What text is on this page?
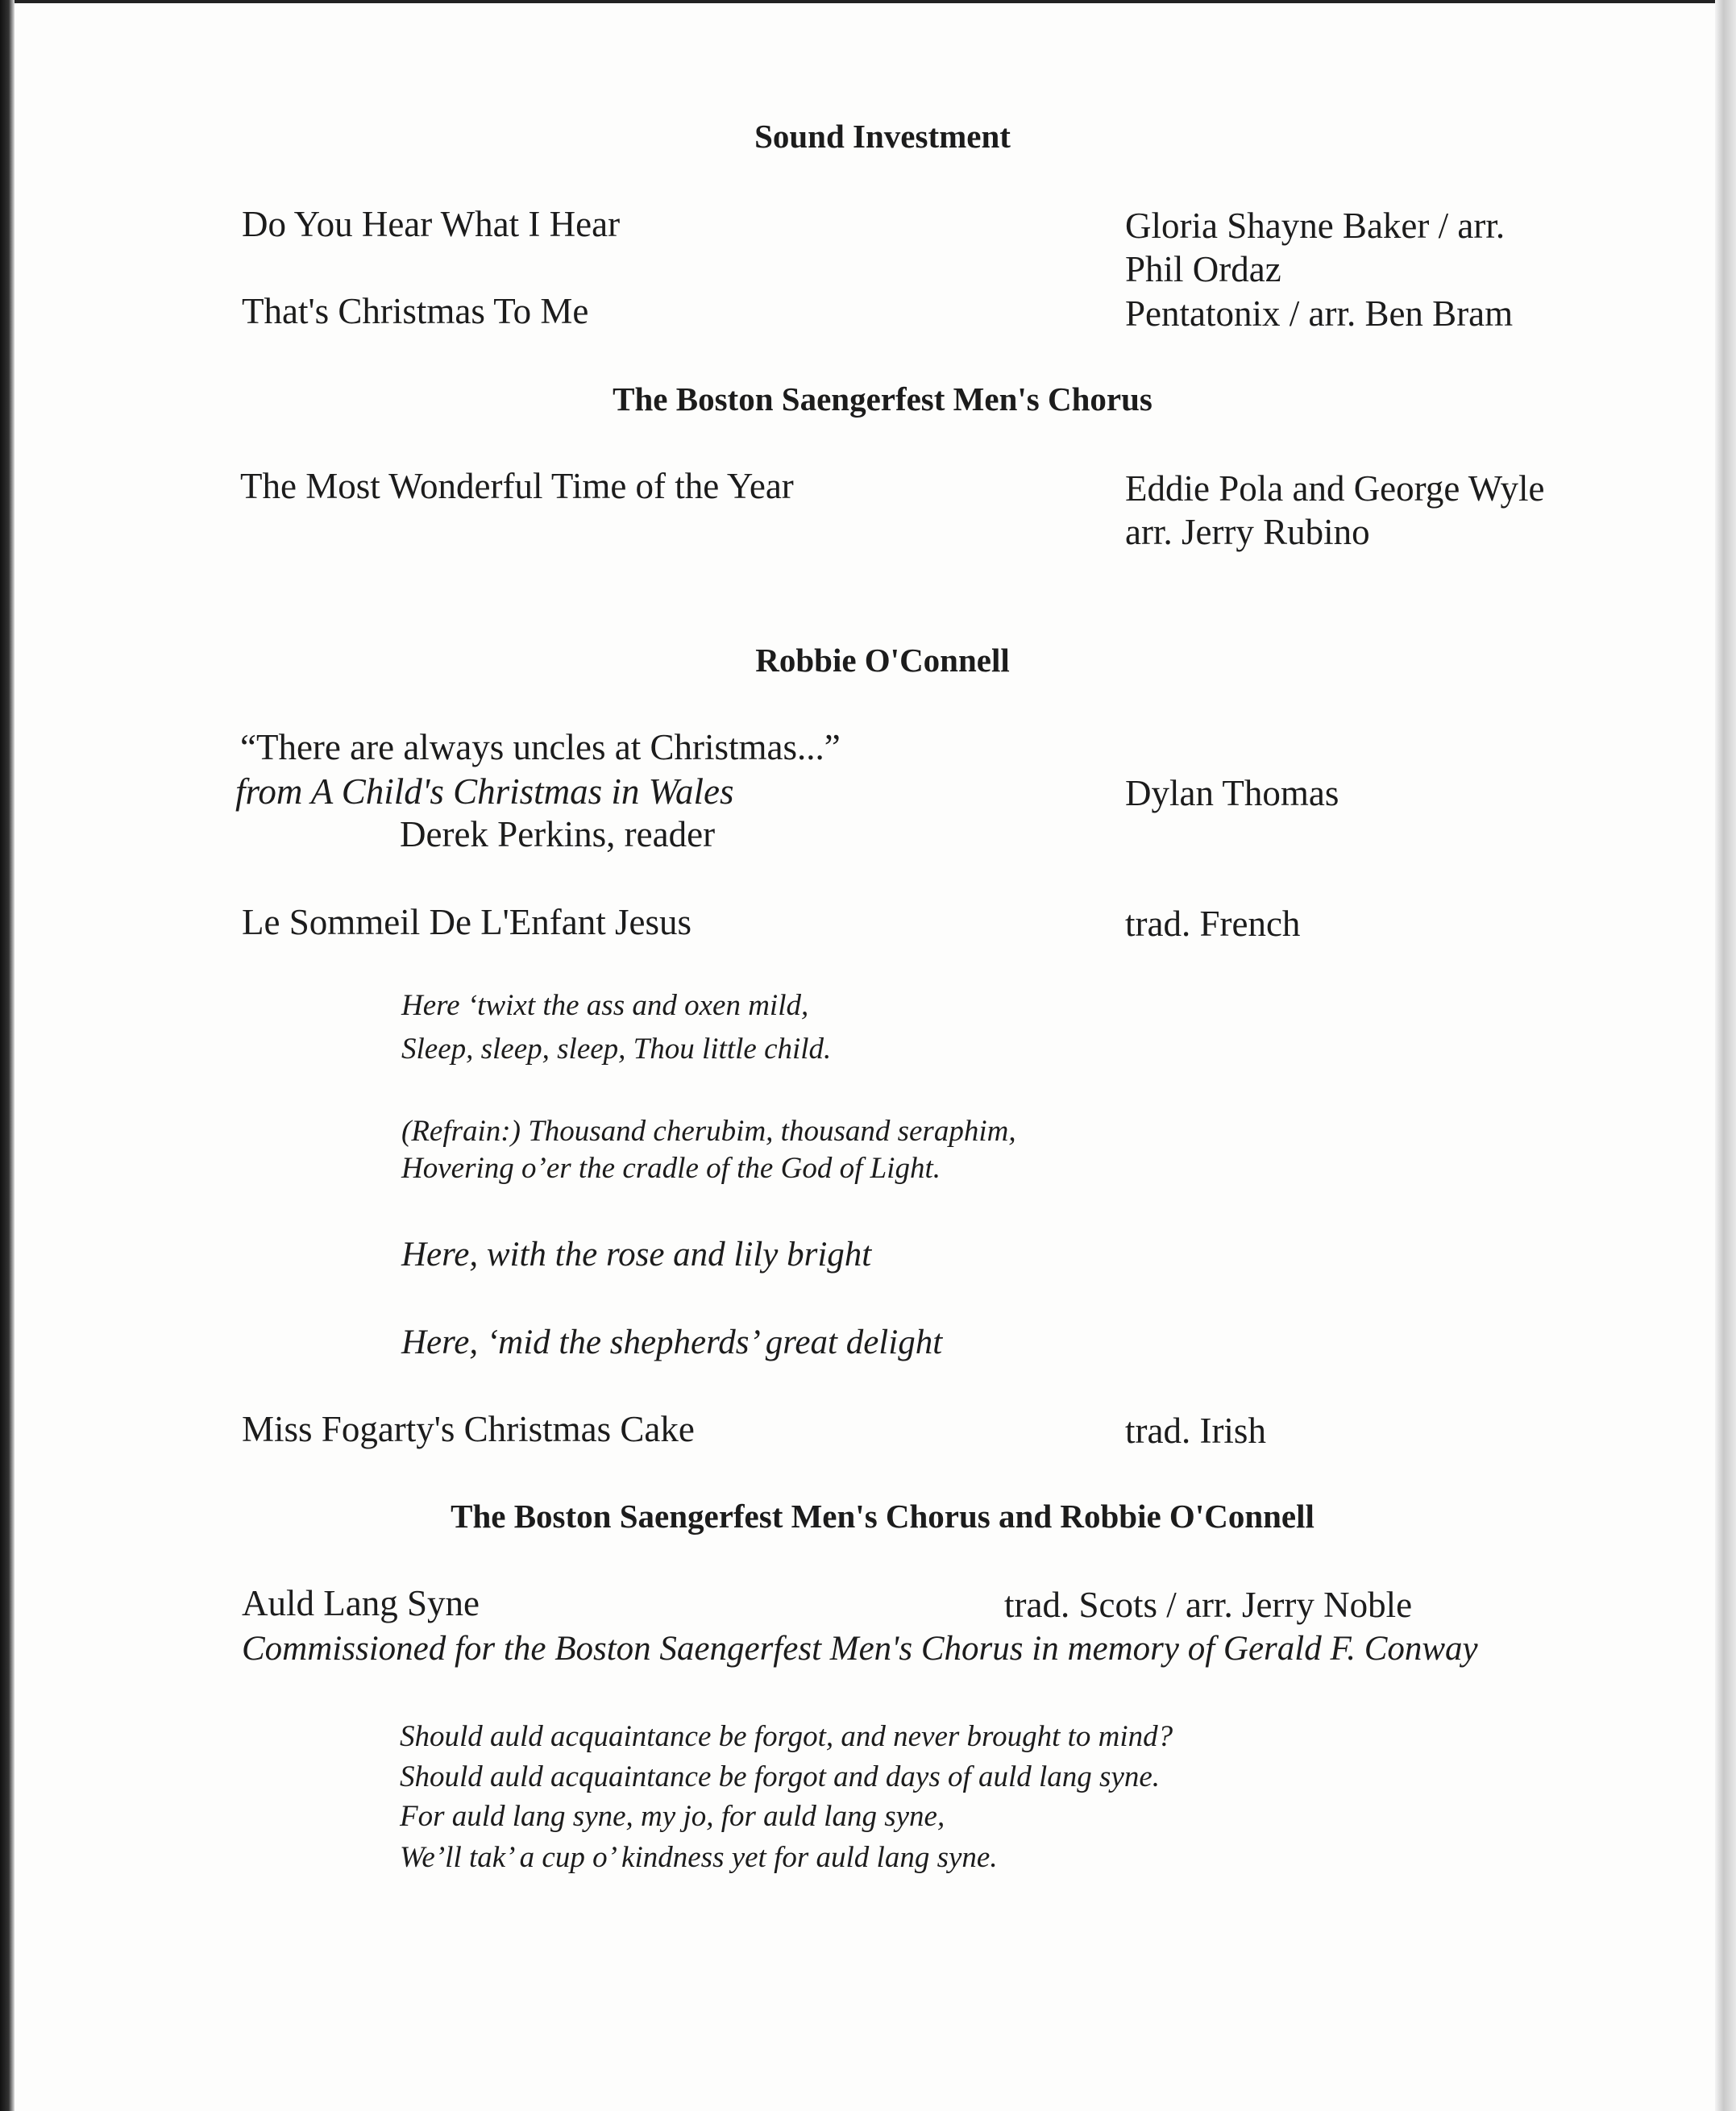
Sound Investment
Do You Hear What I Hear	Gloria Shayne Baker / arr.
Phil Ordaz
That's Christmas To Me	Pentatonix / arr. Ben Bram
The Boston Saengerfest Men's Chorus
The Most Wonderful Time of the Year	Eddie Pola and George Wyle
arr. Jerry Rubino
Robbie O'Connell
“There are always uncles at Christmas...”
from A Child's Christmas in Wales	Dylan Thomas
Derek Perkins, reader
Le Sommeil De L'Enfant Jesus	trad. French
Here ‘twixt the ass and oxen mild,
Sleep, sleep, sleep, Thou little child.
(Refrain:) Thousand cherubim, thousand seraphim,
Hovering o’er the cradle of the God of Light.
Here, with the rose and lily bright
Here, ‘mid the shepherds’ great delight
Miss Fogarty's Christmas Cake	trad. Irish
The Boston Saengerfest Men's Chorus and Robbie O'Connell
Auld Lang Syne	trad. Scots / arr. Jerry Noble
Commissioned for the Boston Saengerfest Men's Chorus in memory of Gerald F. Conway
Should auld acquaintance be forgot, and never brought to mind?
Should auld acquaintance be forgot and days of auld lang syne.
For auld lang syne, my jo, for auld lang syne,
We’ll tak’ a cup o’ kindness yet for auld lang syne.
